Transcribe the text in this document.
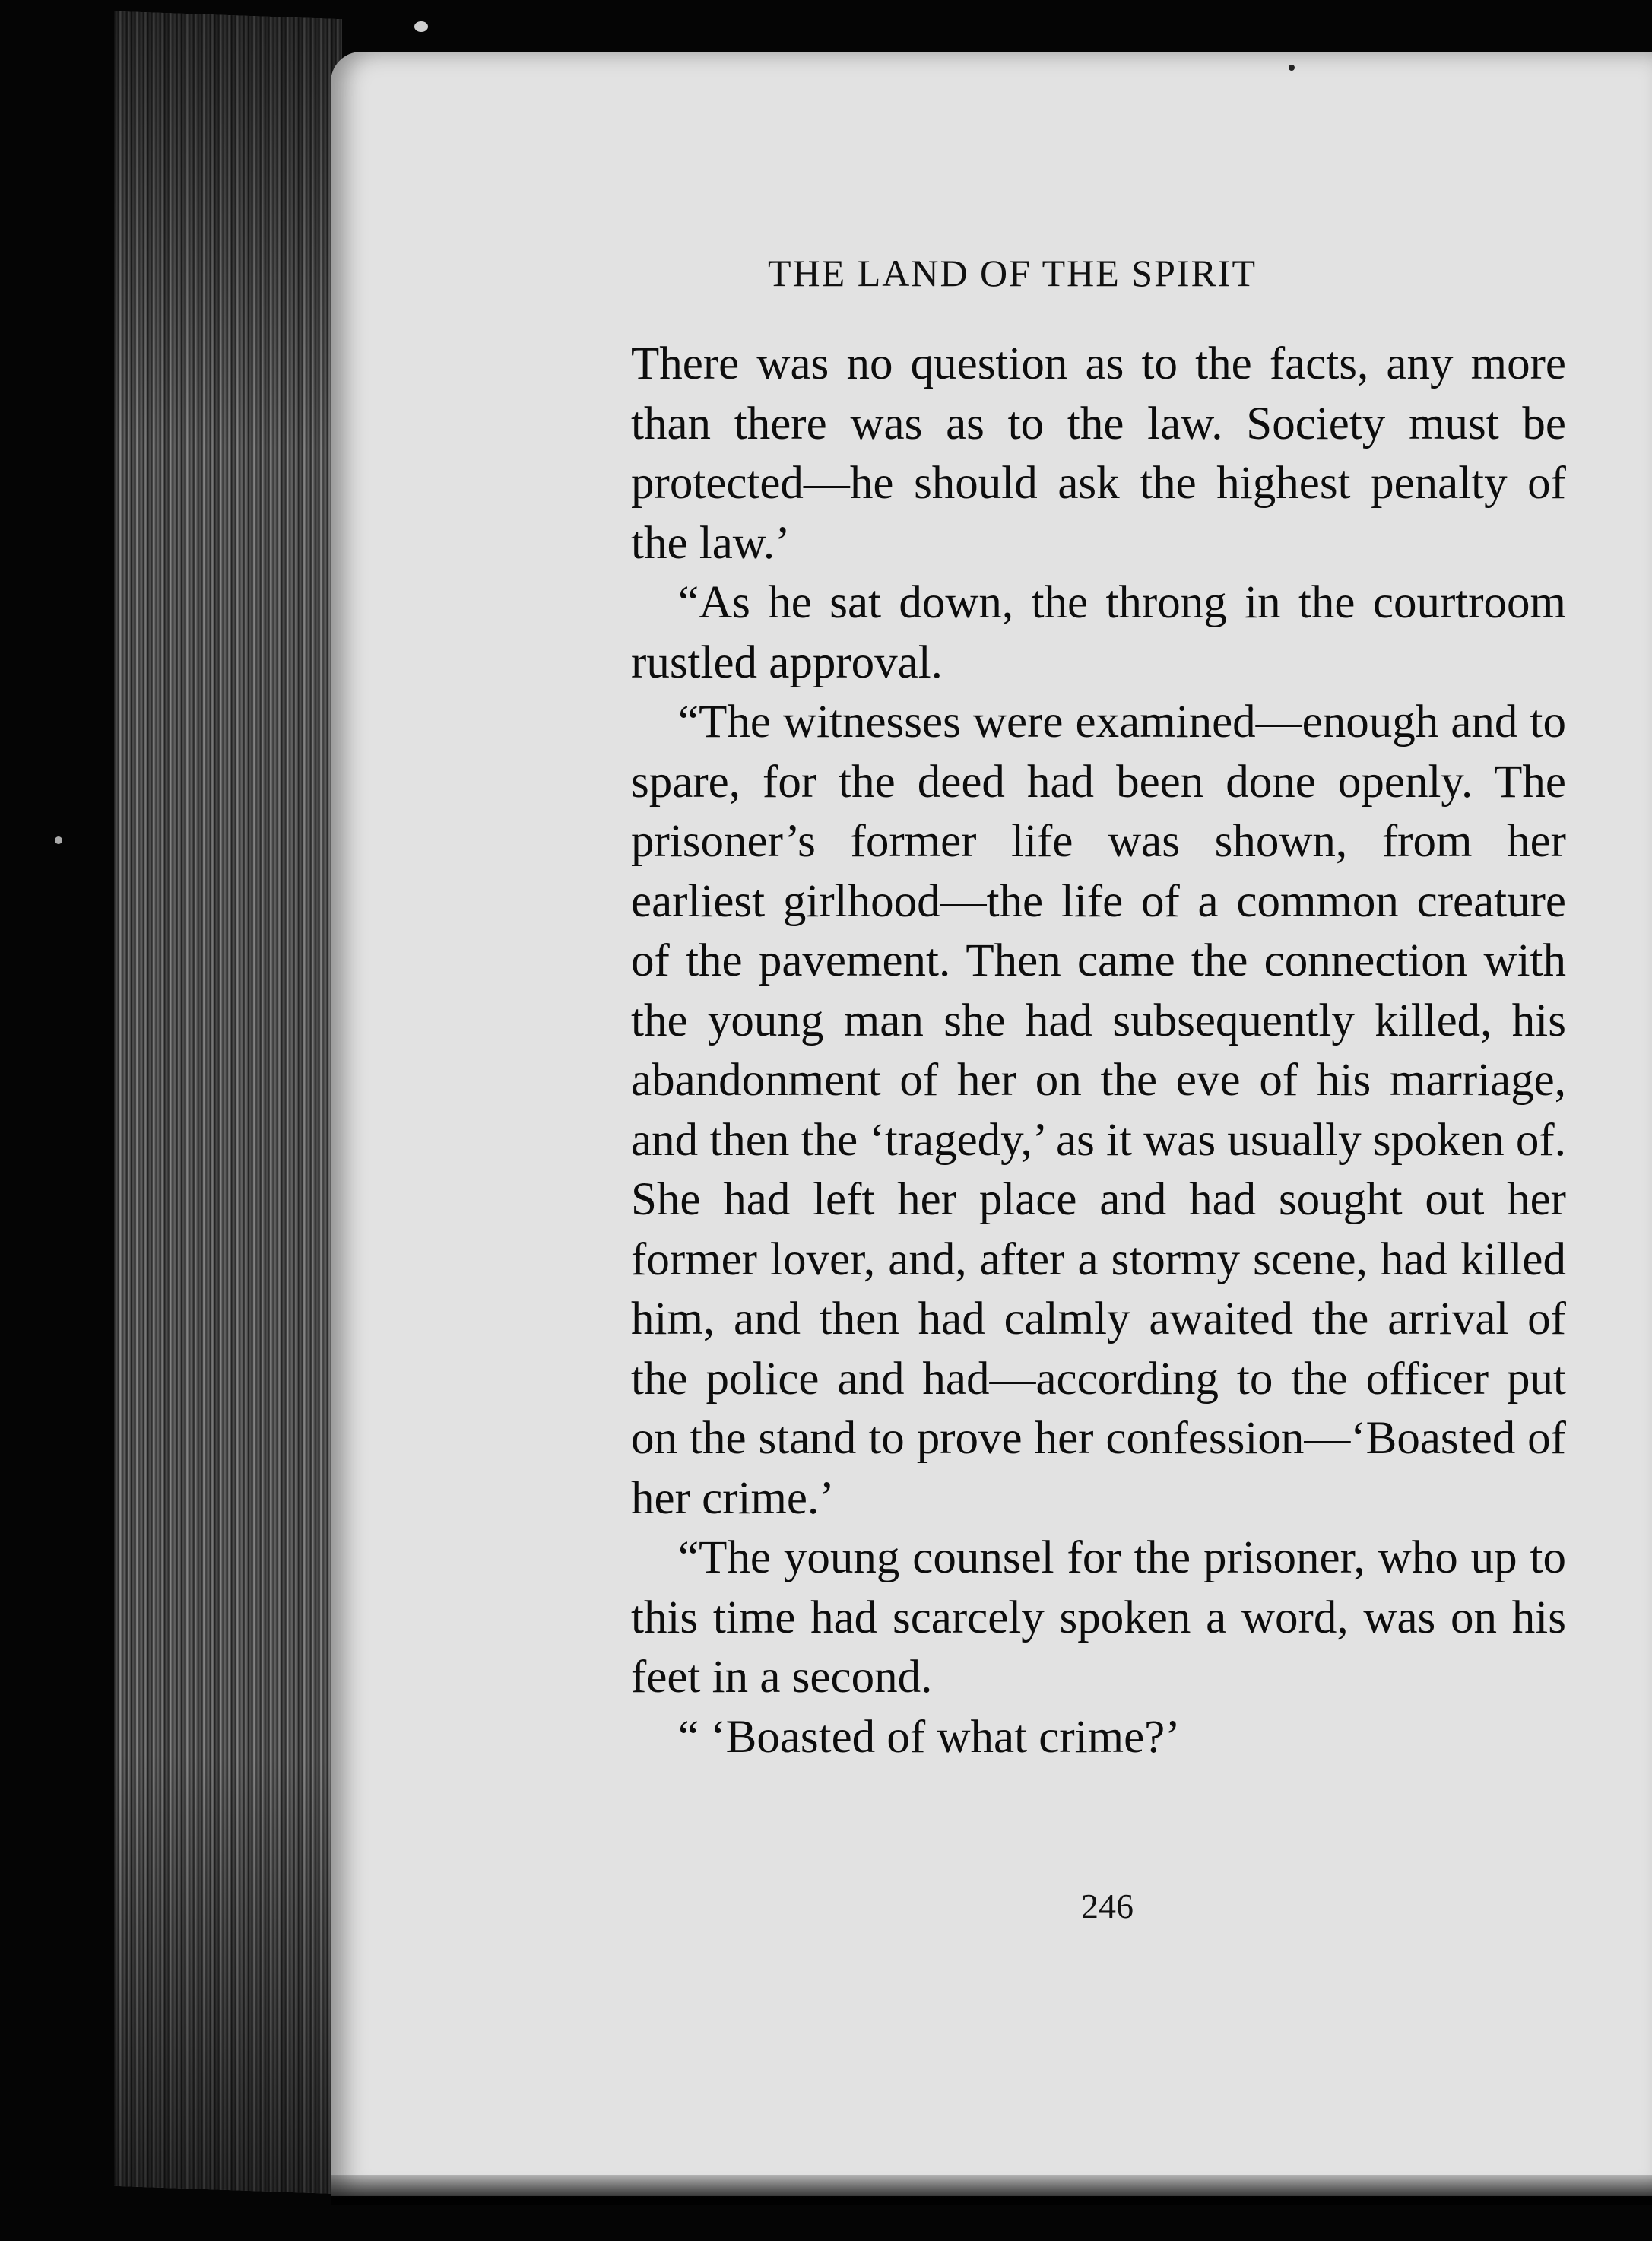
THE LAND OF THE SPIRIT

There was no question as to the facts, any more than there was as to the law. Society must be protected—he should ask the highest penalty of the law.’

“As he sat down, the throng in the courtroom rustled approval.

“The witnesses were examined—enough and to spare, for the deed had been done openly. The prisoner’s former life was shown, from her earliest girlhood—the life of a common creature of the pavement. Then came the connection with the young man she had subsequently killed, his abandonment of her on the eve of his marriage, and then the ‘tragedy,’ as it was usually spoken of. She had left her place and had sought out her former lover, and, after a stormy scene, had killed him, and then had calmly awaited the arrival of the police and had—according to the officer put on the stand to prove her confession—‘Boasted of her crime.’

“The young counsel for the prisoner, who up to this time had scarcely spoken a word, was on his feet in a second.

“ ‘Boasted of what crime?’

246
